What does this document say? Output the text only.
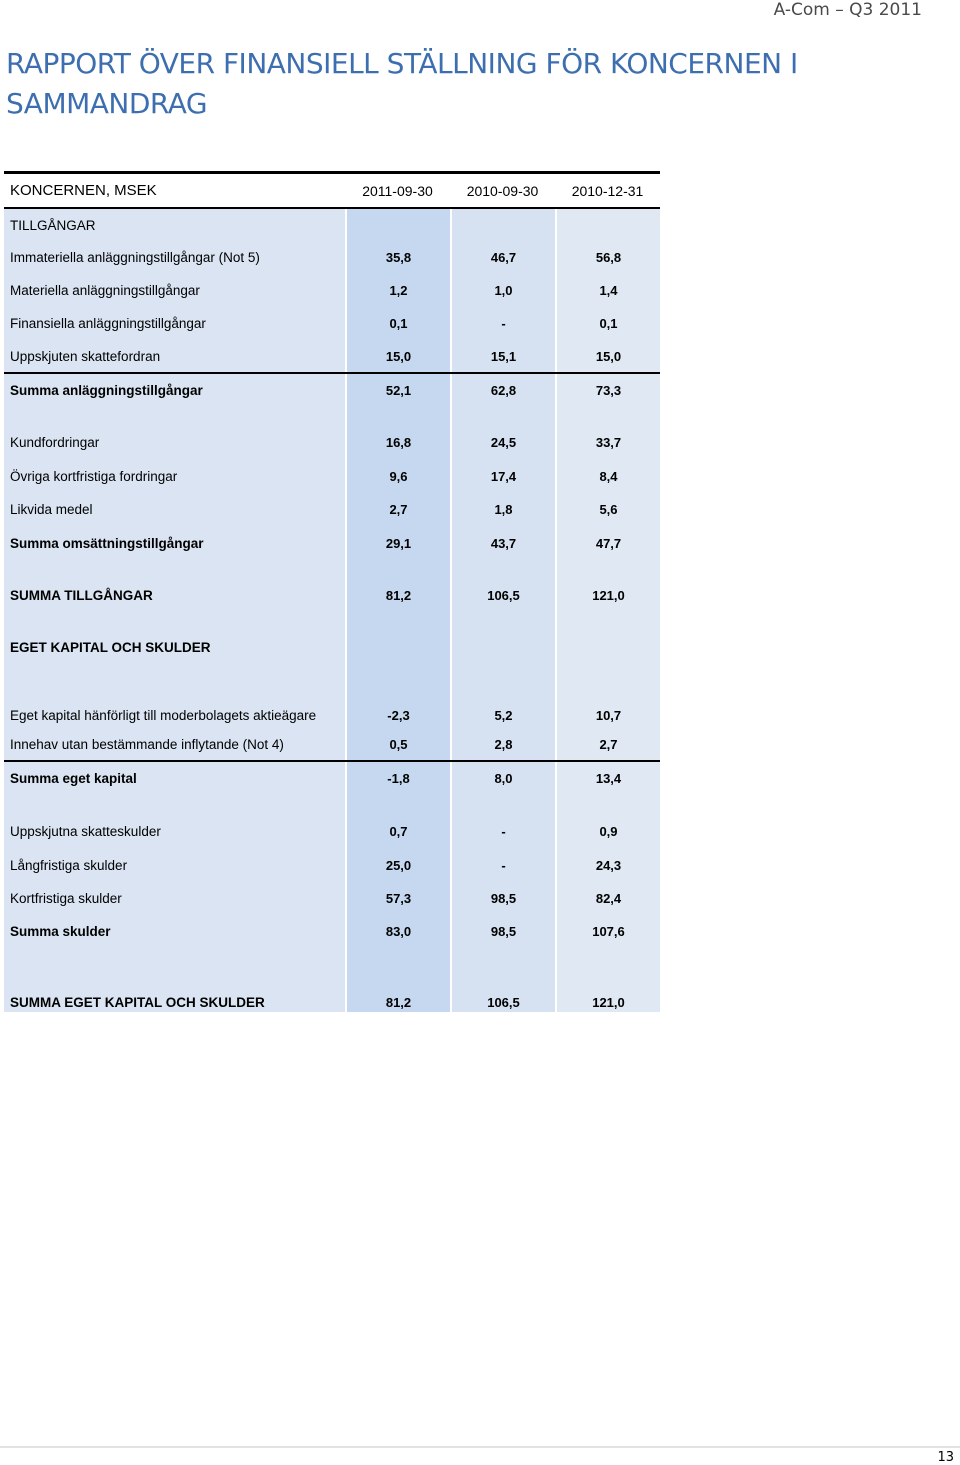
A-Com – Q3 2011
RAPPORT ÖVER FINANSIELL STÄLLNING FÖR KONCERNEN I SAMMANDRAG
KONCERNEN, MSEK	2011-09-30	2010-09-30	2010-12-31
TILLGÅNGAR
Immateriella anläggningstillgångar (Not 5)	35,8	46,7	56,8
Materiella anläggningstillgångar	1,2	1,0	1,4
Finansiella anläggningstillgångar	0,1	-	0,1
Uppskjuten skattefordran	15,0	15,1	15,0
Summa anläggningstillgångar	52,1	62,8	73,3
Kundfordringar	16,8	24,5	33,7
Övriga kortfristiga fordringar	9,6	17,4	8,4
Likvida medel	2,7	1,8	5,6
Summa omsättningstillgångar	29,1	43,7	47,7
SUMMA TILLGÅNGAR	81,2	106,5	121,0
EGET KAPITAL OCH SKULDER
Eget kapital hänförligt till moderbolagets aktieägare	-2,3	5,2	10,7
Innehav utan bestämmande inflytande (Not 4)	0,5	2,8	2,7
Summa eget kapital	-1,8	8,0	13,4
Uppskjutna skatteskulder	0,7	-	0,9
Långfristiga skulder	25,0	-	24,3
Kortfristiga skulder	57,3	98,5	82,4
Summa skulder	83,0	98,5	107,6
SUMMA EGET KAPITAL OCH SKULDER	81,2	106,5	121,0
13
